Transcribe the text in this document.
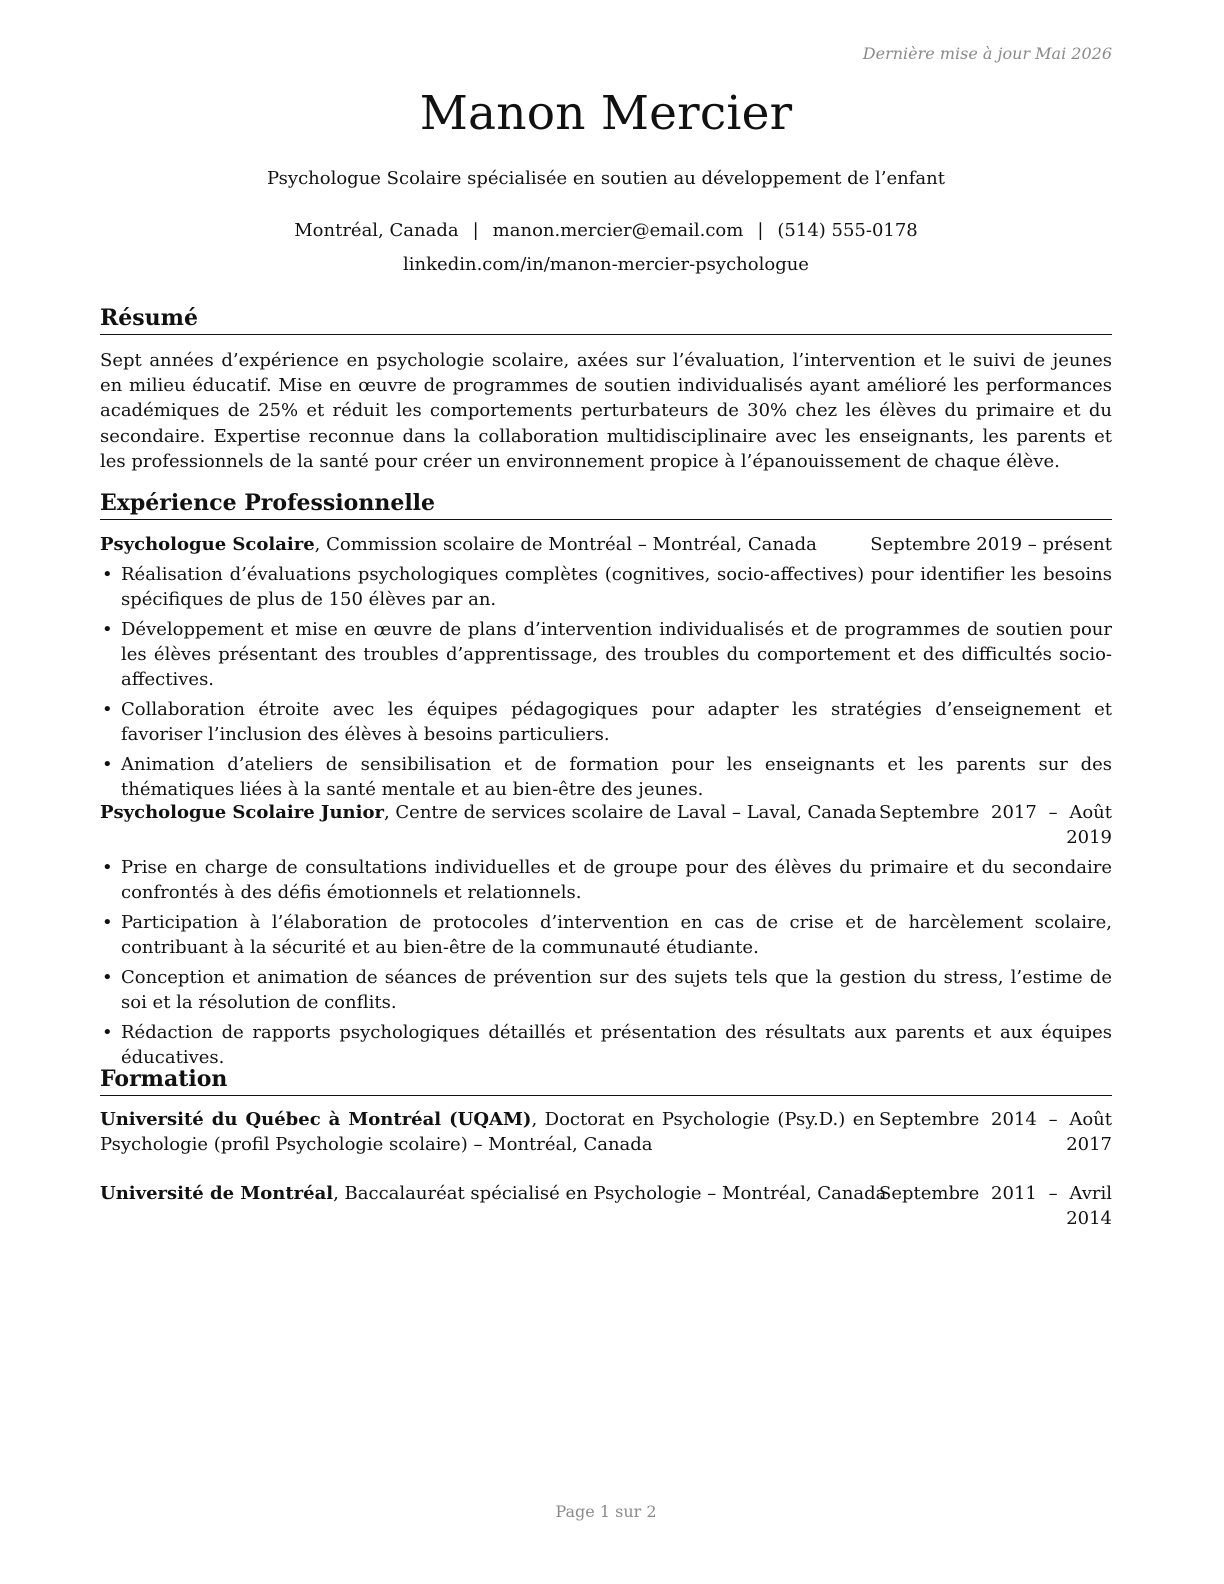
Dernière mise à jour Mai 2026
Manon Mercier
Psychologue Scolaire spécialisée en soutien au développement de l’enfant
Montréal, Canada | manon.mercier@email.com | (514) 555-0178
linkedin.com/in/manon-mercier-psychologue
Résumé
Sept années d’expérience en psychologie scolaire, axées sur l’évaluation, l’intervention et le suivi de jeunes en milieu éducatif. Mise en œuvre de programmes de soutien individualisés ayant amélioré les performances académiques de 25% et réduit les comportements perturbateurs de 30% chez les élèves du primaire et du secondaire. Expertise reconnue dans la collaboration multidisciplinaire avec les enseignants, les parents et les professionnels de la santé pour créer un environnement propice à l’épanouissement de chaque élève.
Expérience Professionnelle
Psychologue Scolaire, Commission scolaire de Montréal – Montréal, Canada	Septembre 2019 – présent
• Réalisation d’évaluations psychologiques complètes (cognitives, socio-affectives) pour identifier les besoins spécifiques de plus de 150 élèves par an.
• Développement et mise en œuvre de plans d’intervention individualisés et de programmes de soutien pour les élèves présentant des troubles d’apprentissage, des troubles du comportement et des difficultés socio-affectives.
• Collaboration étroite avec les équipes pédagogiques pour adapter les stratégies d’enseignement et favoriser l’inclusion des élèves à besoins particuliers.
• Animation d’ateliers de sensibilisation et de formation pour les enseignants et les parents sur des thématiques liées à la santé mentale et au bien-être des jeunes.
Psychologue Scolaire Junior, Centre de services scolaire de Laval – Laval, Canada Septembre 2017 – Août 2019
• Prise en charge de consultations individuelles et de groupe pour des élèves du primaire et du secondaire confrontés à des défis émotionnels et relationnels.
• Participation à l’élaboration de protocoles d’intervention en cas de crise et de harcèlement scolaire, contribuant à la sécurité et au bien-être de la communauté étudiante.
• Conception et animation de séances de prévention sur des sujets tels que la gestion du stress, l’estime de soi et la résolution de conflits.
• Rédaction de rapports psychologiques détaillés et présentation des résultats aux parents et aux équipes éducatives.
Formation
Université du Québec à Montréal (UQAM), Doctorat en Psychologie (Psy.D.) en Psychologie (profil Psychologie scolaire) – Montréal, Canada
Septembre 2014 – Août 2017
Université de Montréal, Baccalauréat spécialisé en Psychologie – Montréal, Canada
Septembre 2011 – Avril 2014
Page 1 sur 2
